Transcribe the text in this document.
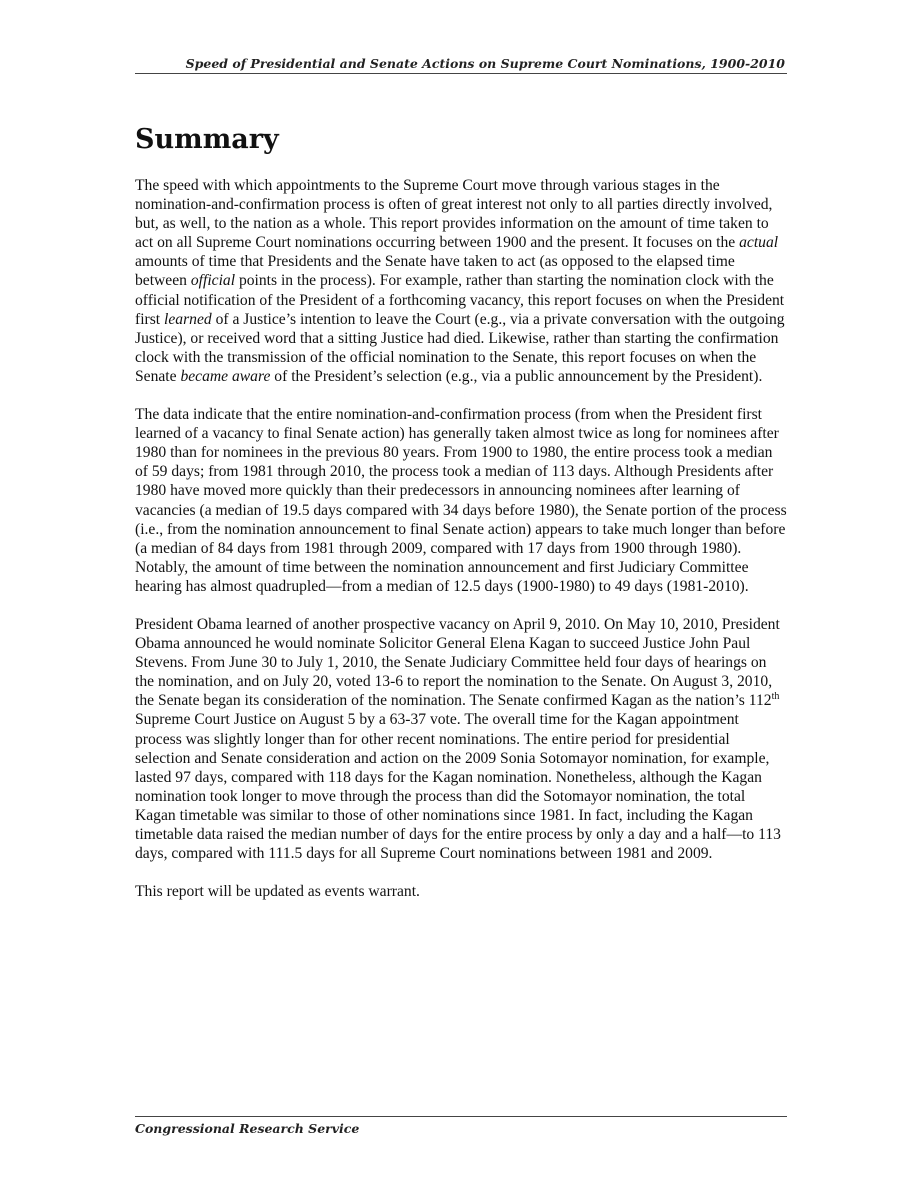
Speed of Presidential and Senate Actions on Supreme Court Nominations, 1900-2010
Summary

The speed with which appointments to the Supreme Court move through various stages in the nomination-and-confirmation process is often of great interest not only to all parties directly involved, but, as well, to the nation as a whole. This report provides information on the amount of time taken to act on all Supreme Court nominations occurring between 1900 and the present. It focuses on the actual amounts of time that Presidents and the Senate have taken to act (as opposed to the elapsed time between official points in the process). For example, rather than starting the nomination clock with the official notification of the President of a forthcoming vacancy, this report focuses on when the President first learned of a Justice’s intention to leave the Court (e.g., via a private conversation with the outgoing Justice), or received word that a sitting Justice had died. Likewise, rather than starting the confirmation clock with the transmission of the official nomination to the Senate, this report focuses on when the Senate became aware of the President’s selection (e.g., via a public announcement by the President).

The data indicate that the entire nomination-and-confirmation process (from when the President first learned of a vacancy to final Senate action) has generally taken almost twice as long for nominees after 1980 than for nominees in the previous 80 years. From 1900 to 1980, the entire process took a median of 59 days; from 1981 through 2010, the process took a median of 113 days. Although Presidents after 1980 have moved more quickly than their predecessors in announcing nominees after learning of vacancies (a median of 19.5 days compared with 34 days before 1980), the Senate portion of the process (i.e., from the nomination announcement to final Senate action) appears to take much longer than before (a median of 84 days from 1981 through 2009, compared with 17 days from 1900 through 1980). Notably, the amount of time between the nomination announcement and first Judiciary Committee hearing has almost quadrupled—from a median of 12.5 days (1900-1980) to 49 days (1981-2010).

President Obama learned of another prospective vacancy on April 9, 2010. On May 10, 2010, President Obama announced he would nominate Solicitor General Elena Kagan to succeed Justice John Paul Stevens. From June 30 to July 1, 2010, the Senate Judiciary Committee held four days of hearings on the nomination, and on July 20, voted 13-6 to report the nomination to the Senate. On August 3, 2010, the Senate began its consideration of the nomination. The Senate confirmed Kagan as the nation’s 112th Supreme Court Justice on August 5 by a 63-37 vote. The overall time for the Kagan appointment process was slightly longer than for other recent nominations. The entire period for presidential selection and Senate consideration and action on the 2009 Sonia Sotomayor nomination, for example, lasted 97 days, compared with 118 days for the Kagan nomination. Nonetheless, although the Kagan nomination took longer to move through the process than did the Sotomayor nomination, the total Kagan timetable was similar to those of other nominations since 1981. In fact, including the Kagan timetable data raised the median number of days for the entire process by only a day and a half—to 113 days, compared with 111.5 days for all Supreme Court nominations between 1981 and 2009.

This report will be updated as events warrant.

Congressional Research Service
